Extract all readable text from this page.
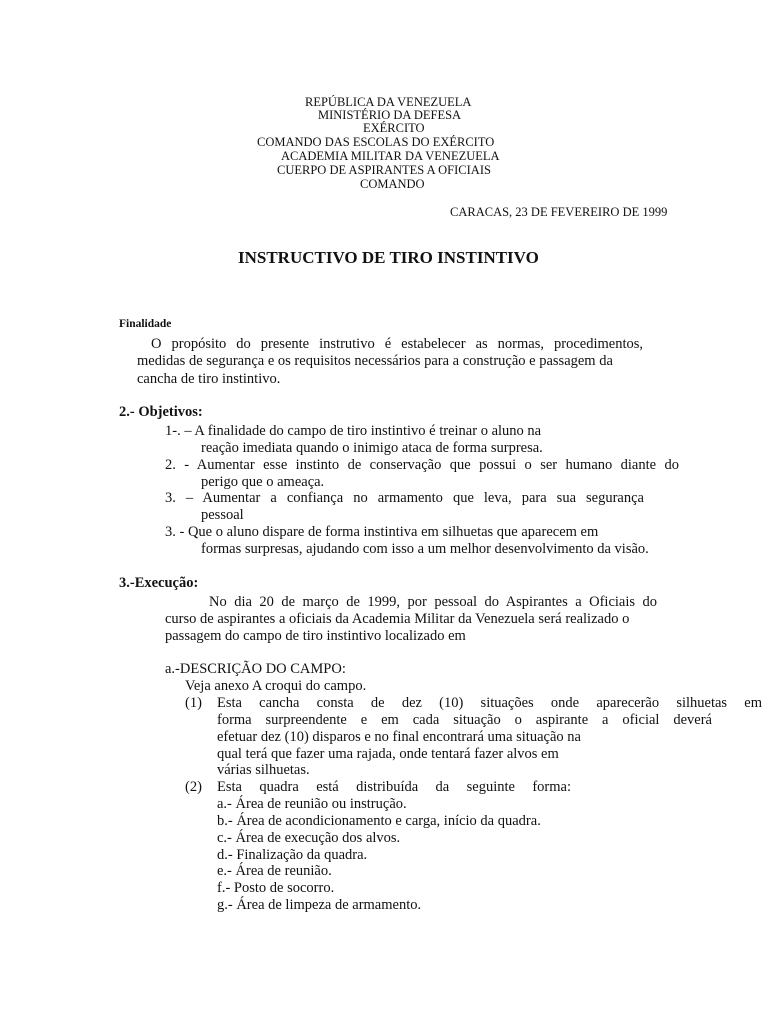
REPÚBLICA DA VENEZUELA
MINISTÉRIO DA DEFESA
EXÉRCITO
COMANDO DAS ESCOLAS DO EXÉRCITO
ACADEMIA MILITAR DA VENEZUELA
CUERPO DE ASPIRANTES A OFICIAIS
COMANDO
CARACAS, 23 DE FEVEREIRO DE 1999
INSTRUCTIVO DE TIRO INSTINTIVO
Finalidade
O propósito do presente instrutivo é estabelecer as normas, procedimentos,
medidas de segurança e os requisitos necessários para a construção e passagem da
cancha de tiro instintivo.
2.- Objetivos:
1-. – A finalidade do campo de tiro instintivo é treinar o aluno na
reação imediata quando o inimigo ataca de forma surpresa.
2. - Aumentar esse instinto de conservação que possui o ser humano diante do
perigo que o ameaça.
3. – Aumentar a confiança no armamento que leva, para sua segurança
pessoal
3. - Que o aluno dispare de forma instintiva em silhuetas que aparecem em
formas surpresas, ajudando com isso a um melhor desenvolvimento da visão.
3.-Execução:
No dia 20 de março de 1999, por pessoal do Aspirantes a Oficiais do
curso de aspirantes a oficiais da Academia Militar da Venezuela será realizado o
passagem do campo de tiro instintivo localizado em
a.-DESCRIÇÃO DO CAMPO:
Veja anexo A croqui do campo.
(1) Esta cancha consta de dez (10) situações onde aparecerão silhuetas em
forma surpreendente e em cada situação o aspirante a oficial deverá
efetuar dez (10) disparos e no final encontrará uma situação na
qual terá que fazer uma rajada, onde tentará fazer alvos em
várias silhuetas.
(2) Esta quadra está distribuída da seguinte forma:
a.- Área de reunião ou instrução.
b.- Área de acondicionamento e carga, início da quadra.
c.- Área de execução dos alvos.
d.- Finalização da quadra.
e.- Área de reunião.
f.- Posto de socorro.
g.- Área de limpeza de armamento.
